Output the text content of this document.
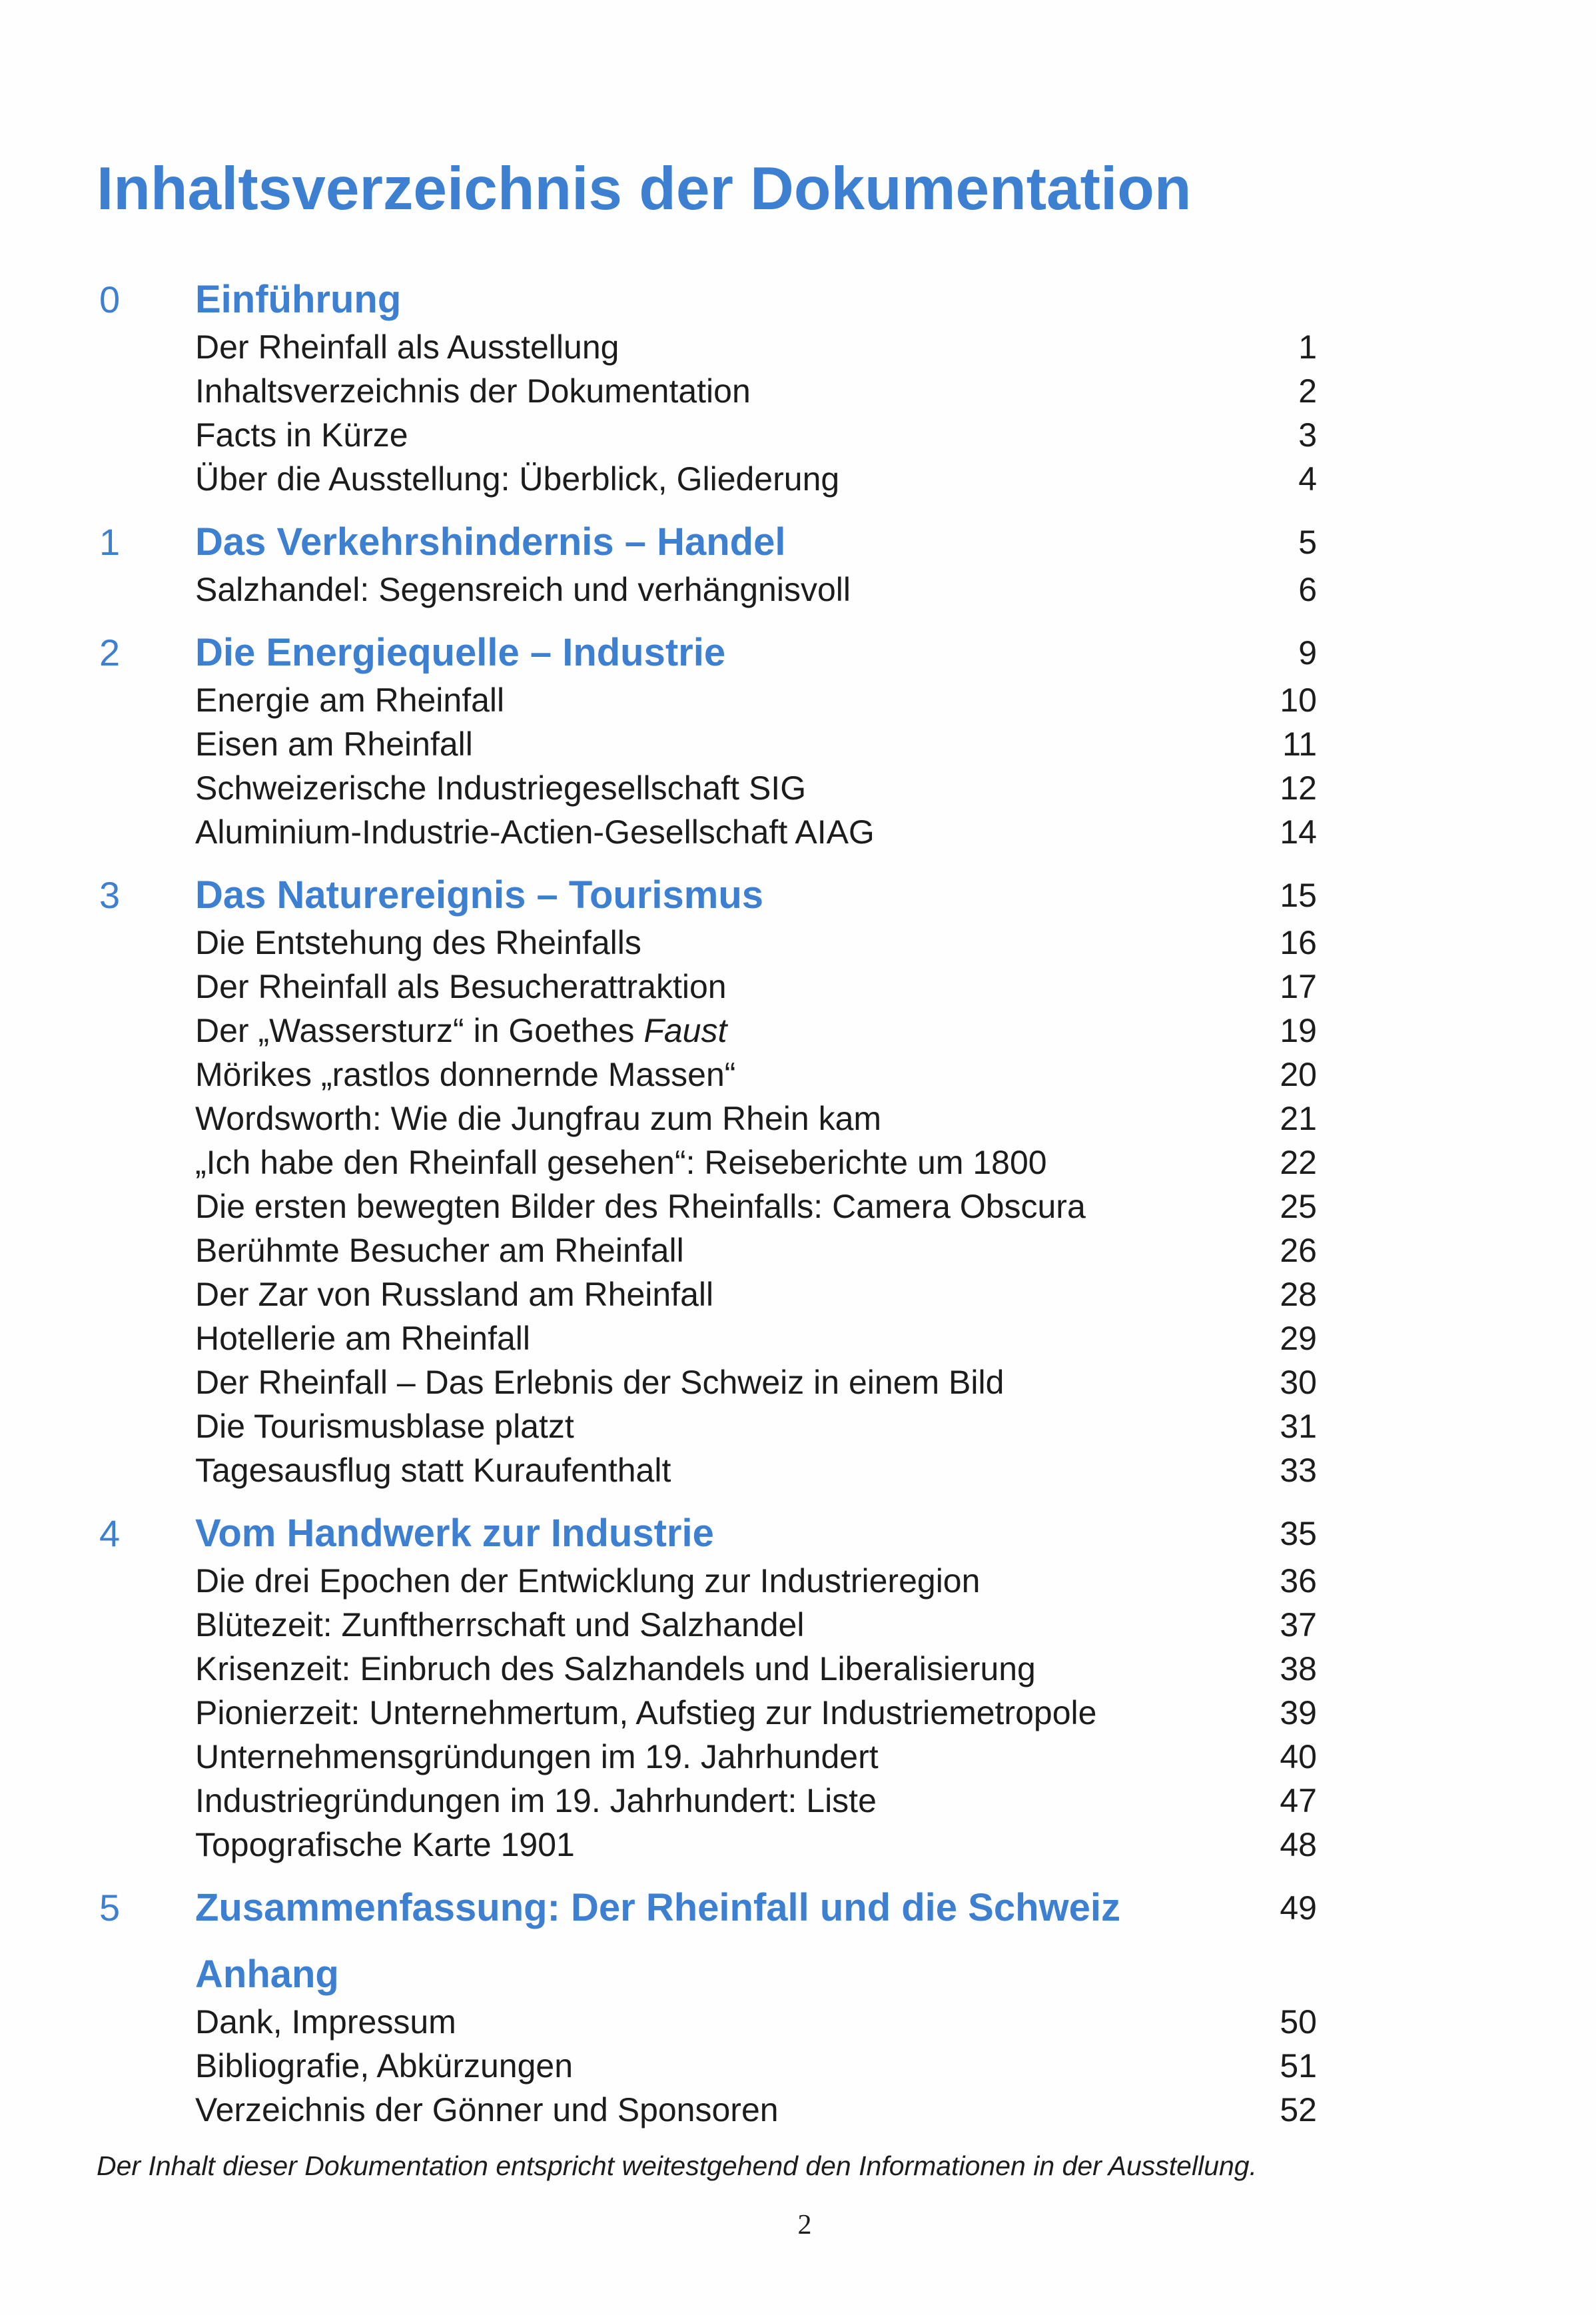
Inhaltsverzeichnis der Dokumentation
0	Einführung
Der Rheinfall als Ausstellung	1
Inhaltsverzeichnis der Dokumentation	2
Facts in Kürze	3
Über die Ausstellung: Überblick, Gliederung	4
1	Das Verkehrshindernis – Handel	5
Salzhandel: Segensreich und verhängnisvoll	6
2	Die Energiequelle – Industrie	9
Energie am Rheinfall	10
Eisen am Rheinfall	11
Schweizerische Industriegesellschaft SIG	12
Aluminium-Industrie-Actien-Gesellschaft AIAG	14
3	Das Naturereignis – Tourismus	15
Die Entstehung des Rheinfalls	16
Der Rheinfall als Besucherattraktion	17
Der „Wassersturz“ in Goethes Faust	19
Mörikes „rastlos donnernde Massen“	20
Wordsworth: Wie die Jungfrau zum Rhein kam	21
„Ich habe den Rheinfall gesehen“: Reiseberichte um 1800	22
Die ersten bewegten Bilder des Rheinfalls: Camera Obscura	25
Berühmte Besucher am Rheinfall	26
Der Zar von Russland am Rheinfall	28
Hotellerie am Rheinfall	29
Der Rheinfall – Das Erlebnis der Schweiz in einem Bild	30
Die Tourismusblase platzt	31
Tagesausflug statt Kuraufenthalt	33
4	Vom Handwerk zur Industrie	35
Die drei Epochen der Entwicklung zur Industrieregion	36
Blütezeit: Zunftherrschaft und Salzhandel	37
Krisenzeit: Einbruch des Salzhandels und Liberalisierung	38
Pionierzeit: Unternehmertum, Aufstieg zur Industriemetropole	39
Unternehmensgründungen im 19. Jahrhundert	40
Industriegründungen im 19. Jahrhundert: Liste	47
Topografische Karte 1901	48
5	Zusammenfassung: Der Rheinfall und die Schweiz	49
Anhang
Dank, Impressum	50
Bibliografie, Abkürzungen	51
Verzeichnis der Gönner und Sponsoren	52
Der Inhalt dieser Dokumentation entspricht weitestgehend den Informationen in der Ausstellung.
2
